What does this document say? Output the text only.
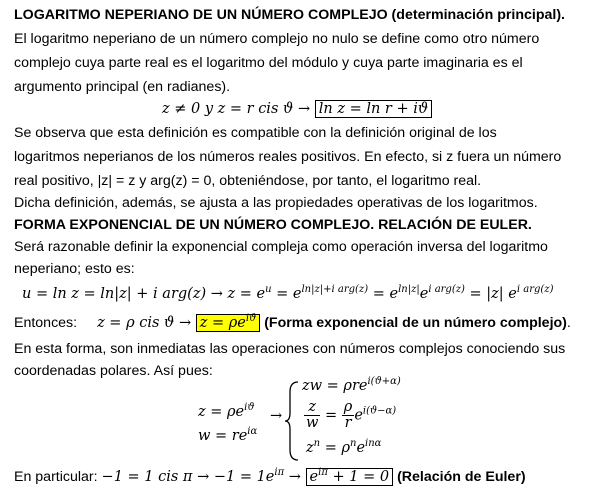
LOGARITMO NEPERIANO DE UN NÚMERO COMPLEJO (determinación principal).
El logaritmo neperiano de un número complejo no nulo se define como otro número
complejo cuya parte real es el logaritmo del módulo y cuya parte imaginaria es el
argumento principal (en radianes).
z ≠ 0 y z = r cis ϑ → ln z = ln r + iϑ
Se observa que esta definición es compatible con la definición original de los
logaritmos neperianos de los números reales positivos. En efecto, si z fuera un número
real positivo, |z| = z y arg(z) = 0, obteniéndose, por tanto, el logaritmo real.
Dicha definición, además, se ajusta a las propiedades operativas de los logaritmos.
FORMA EXPONENCIAL DE UN NÚMERO COMPLEJO. RELACIÓN DE EULER.
Será razonable definir la exponencial compleja como operación inversa del logaritmo
neperiano; esto es:
u = ln z = ln|z| + i $arg(z) \to z = e^u = e^{ln|z|+i arg(z)} = e^{ln|z|}e^{i arg(z)} = |z|$ $e^{i arg(z)}$
Entonces: z = ρ cis $ϑ \to z = \rho e^{iϑ}$ (Forma exponencial de un número complejo).
En esta forma, son inmediatas las operaciones con números complejos conociendo sus
coordenadas polares. Así pues:
$z = \rho e^{iϑ}$
$w = re^{i\alpha}$
→
zw = ρre$^{i(ϑ+\alpha)}$
$\frac{z}{w} = \frac{\rho}{r} e^{i(ϑ-\alpha)}$
$z^n = \rho^ne^{in\alpha}$
En particular: −1 = 1 cis $\pi \to -1 = 1e^{i\pi} \to e^{i\pi} + 1 = 0$ (Relación de Euler)
